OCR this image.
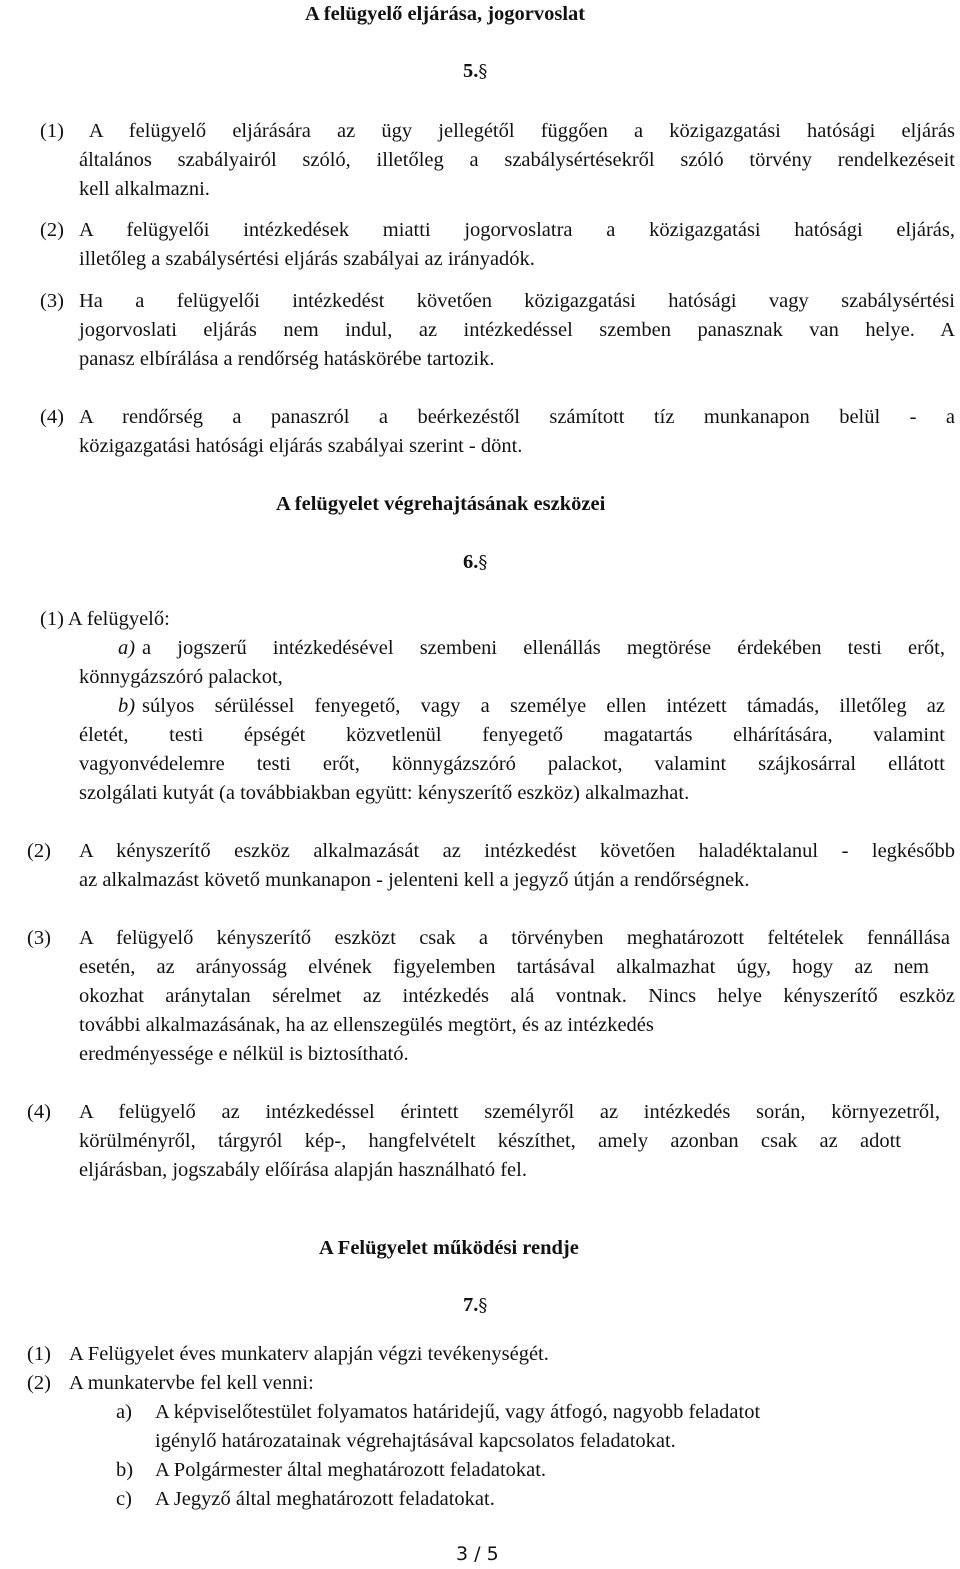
A felügyelő eljárása, jogorvoslat
5.§
(1) A felügyelő eljárására az ügy jellegétől függően a közigazgatási hatósági eljárás
általános szabályairól szóló, illetőleg a szabálysértésekről szóló törvény rendelkezéseit
kell alkalmazni.
(2) A felügyelői intézkedések miatti jogorvoslatra a közigazgatási hatósági eljárás,
illetőleg a szabálysértési eljárás szabályai az irányadók.
(3) Ha a felügyelői intézkedést követően közigazgatási hatósági vagy szabálysértési
jogorvoslati eljárás nem indul, az intézkedéssel szemben panasznak van helye. A
panasz elbírálása a rendőrség hatáskörébe tartozik.
(4) A rendőrség a panaszról a beérkezéstől számított tíz munkanapon belül - a
közigazgatási hatósági eljárás szabályai szerint - dönt.
A felügyelet végrehajtásának eszközei
6.§
(1) A felügyelő:
a) a jogszerű intézkedésével szembeni ellenállás megtörése érdekében testi erőt,
könnygázszóró palackot,
b) súlyos sérüléssel fenyegető, vagy a személye ellen intézett támadás, illetőleg az
életét, testi épségét közvetlenül fenyegető magatartás elhárítására, valamint
vagyonvédelemre testi erőt, könnygázszóró palackot, valamint szájkosárral ellátott
szolgálati kutyát (a továbbiakban együtt: kényszerítő eszköz) alkalmazhat.
(2) A kényszerítő eszköz alkalmazását az intézkedést követően haladéktalanul - legkésőbb
az alkalmazást követő munkanapon - jelenteni kell a jegyző útján a rendőrségnek.
(3) A felügyelő kényszerítő eszközt csak a törvényben meghatározott feltételek fennállása
esetén, az arányosság elvének figyelemben tartásával alkalmazhat úgy, hogy az nem
okozhat aránytalan sérelmet az intézkedés alá vontnak. Nincs helye kényszerítő eszköz
további alkalmazásának, ha az ellenszegülés megtört, és az intézkedés
eredményessége e nélkül is biztosítható.
(4) A felügyelő az intézkedéssel érintett személyről az intézkedés során, környezetről,
körülményről, tárgyról kép-, hangfelvételt készíthet, amely azonban csak az adott
eljárásban, jogszabály előírása alapján használható fel.
A Felügyelet működési rendje
7.§
(1) A Felügyelet éves munkaterv alapján végzi tevékenységét.
(2) A munkatervbe fel kell venni:
a) A képviselőtestület folyamatos határidejű, vagy átfogó, nagyobb feladatot
igénylő határozatainak végrehajtásával kapcsolatos feladatokat.
b) A Polgármester által meghatározott feladatokat.
c) A Jegyző által meghatározott feladatokat.
3 / 5
